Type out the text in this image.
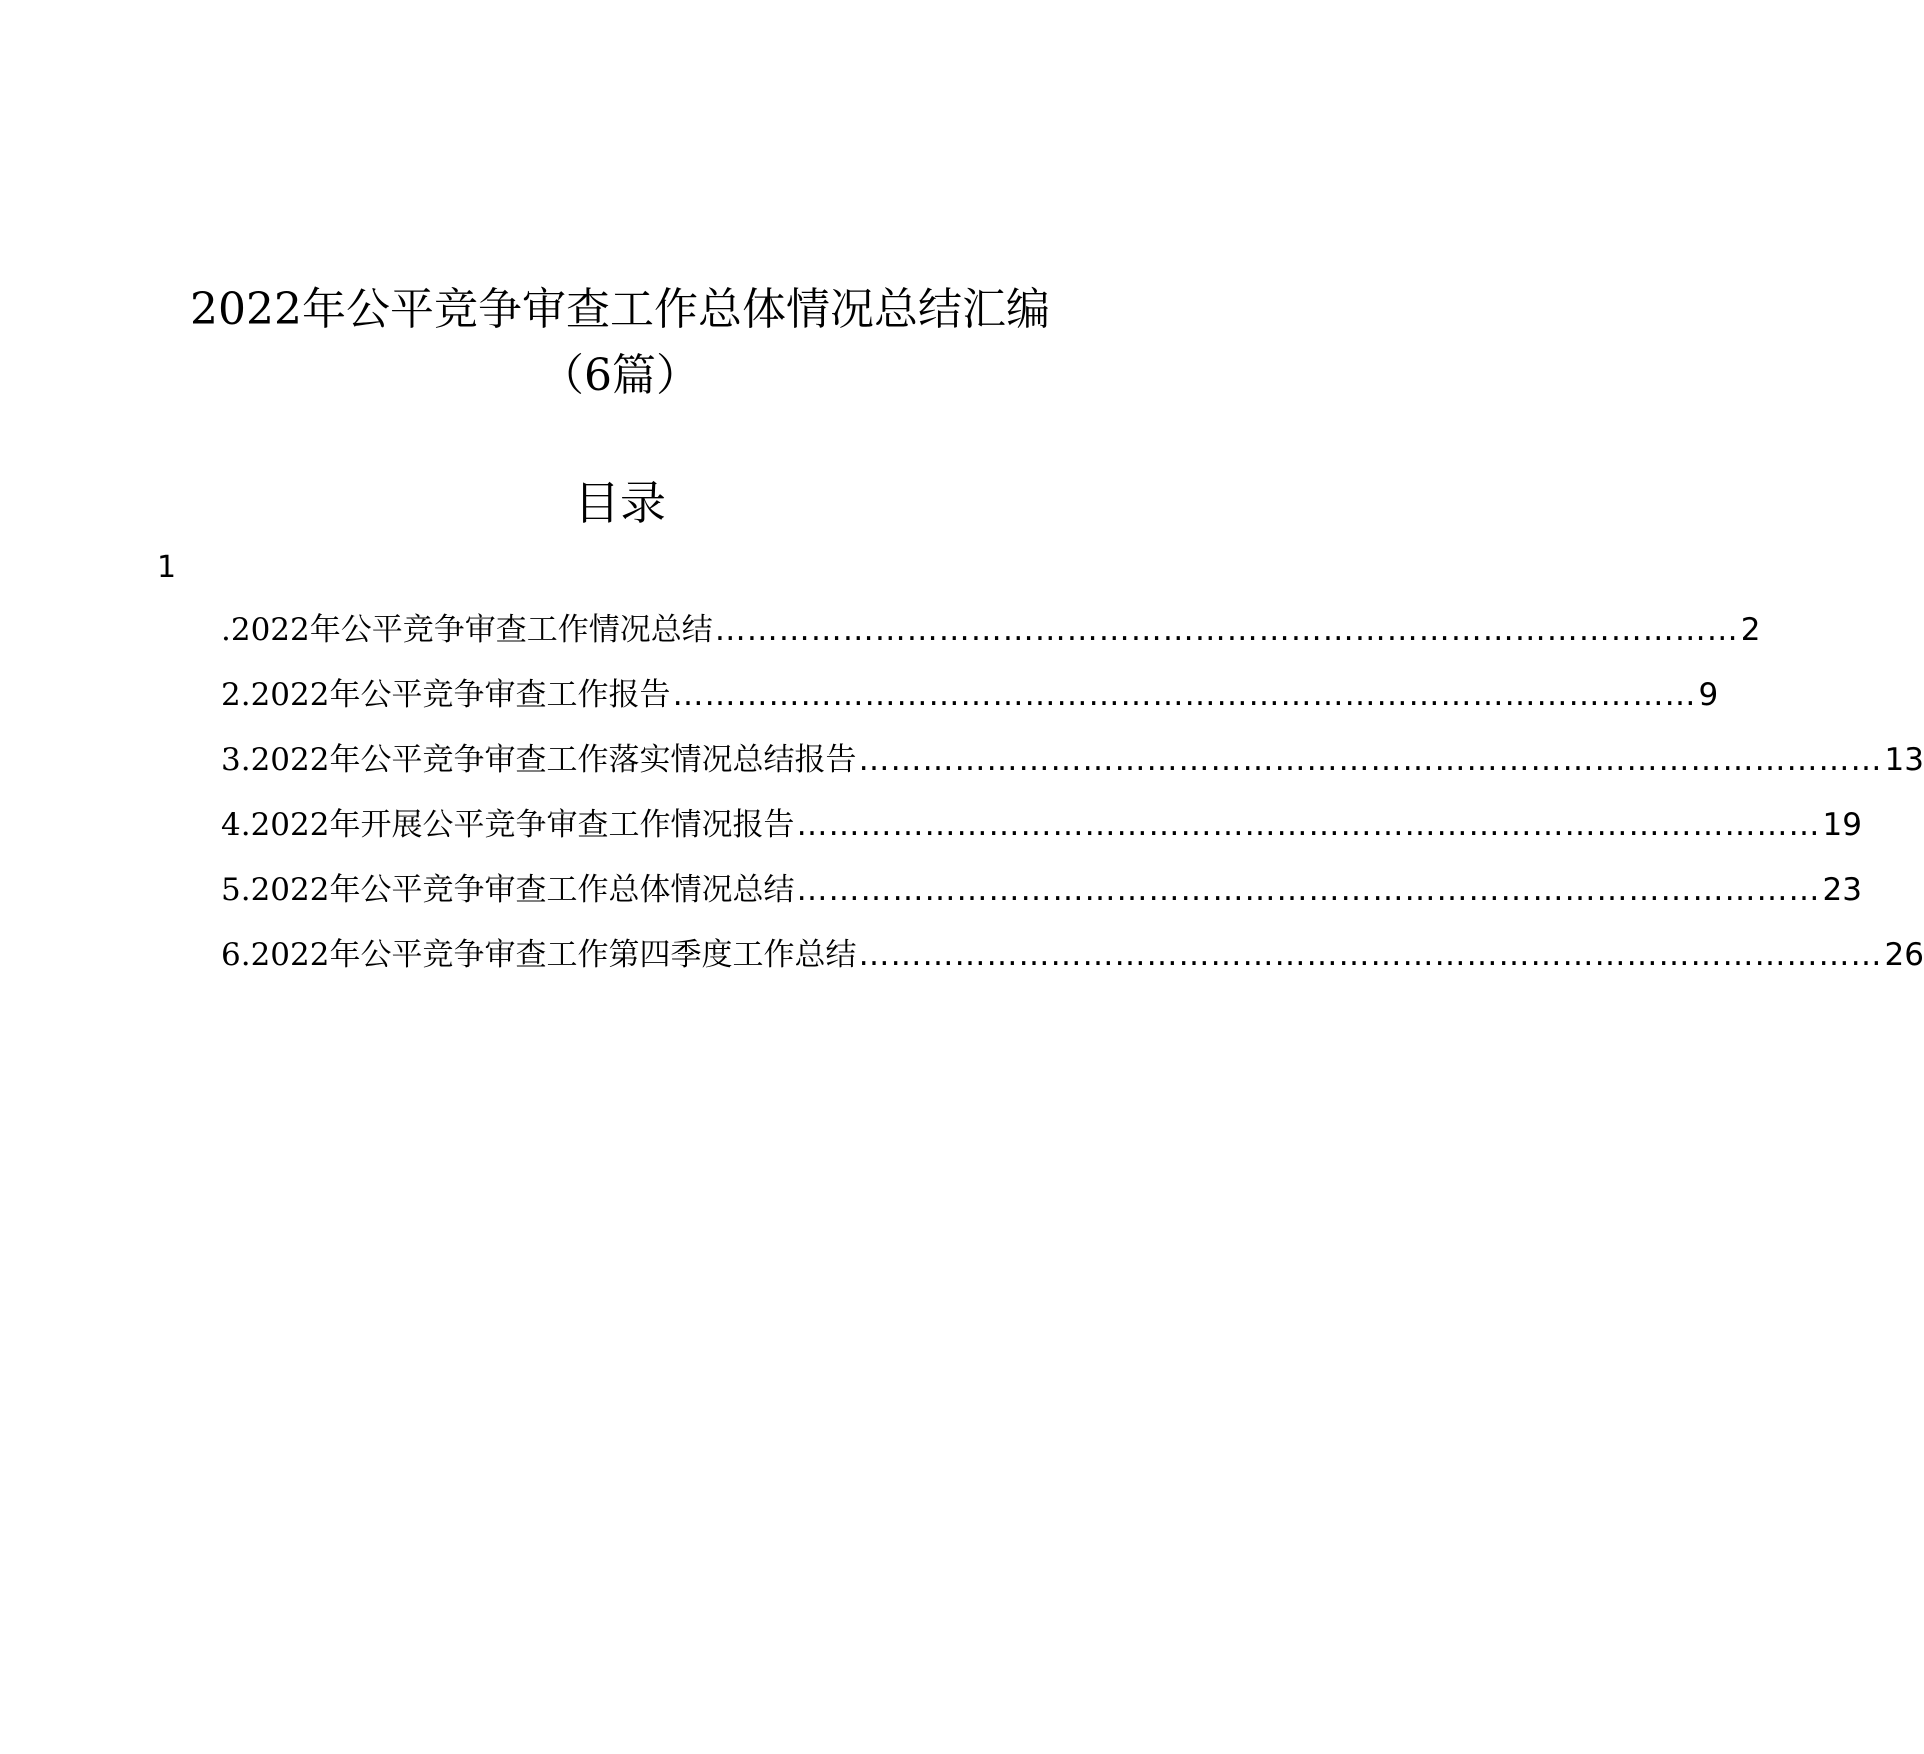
2022年公平竞争审查工作总体情况总结汇编
（6篇）
目录
1
.2022年公平竞争审查工作情况总结 …………………………………………………………………………………… 2
2.2022年公平竞争审查工作报告 …………………………………………………………………………………… 9
3.2022年公平竞争审查工作落实情况总结报告 …………………………………………………………………………………… 13
4.2022年开展公平竞争审查工作情况报告 …………………………………………………………………………………… 19
5.2022年公平竞争审查工作总体情况总结 …………………………………………………………………………………… 23
6.2022年公平竞争审查工作第四季度工作总结 …………………………………………………………………………………… 26
